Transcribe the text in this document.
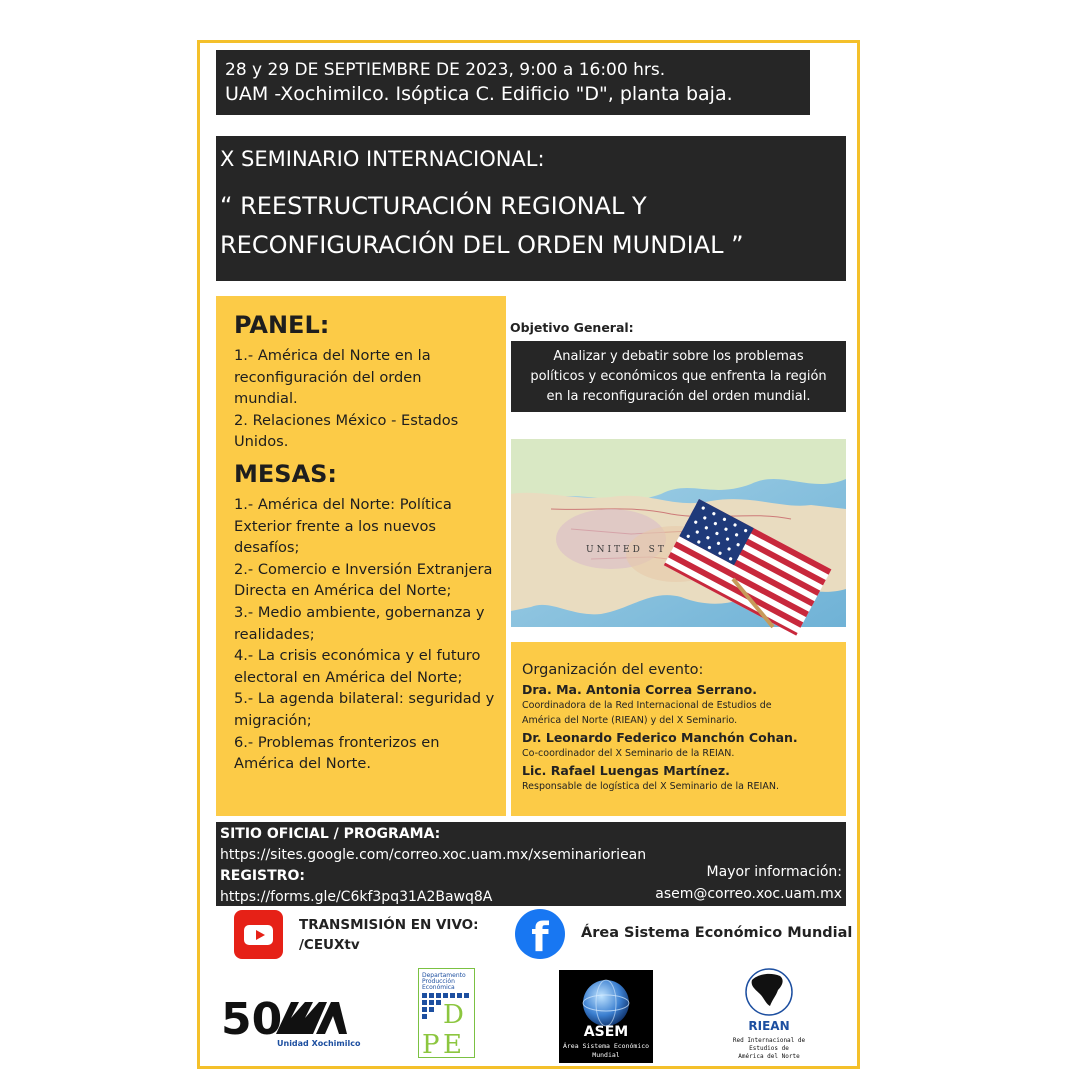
28 y 29 DE SEPTIEMBRE DE 2023, 9:00 a 16:00 hrs.
UAM -Xochimilco. Isóptica C. Edificio "D", planta baja.
X SEMINARIO INTERNACIONAL:
“ REESTRUCTURACIÓN REGIONAL Y
RECONFIGURACIÓN DEL ORDEN MUNDIAL ”
PANEL:
1.- América del Norte en la
reconfiguración del orden
mundial.
2. Relaciones México - Estados
Unidos.
MESAS:
1.- América del Norte: Política
Exterior frente a los nuevos
desafíos;
2.- Comercio e Inversión Extranjera
Directa en América del Norte;
3.- Medio ambiente, gobernanza y
realidades;
4.- La crisis económica y el futuro
electoral en América del Norte;
5.- La agenda bilateral: seguridad y
migración;
6.- Problemas fronterizos en
América del Norte.
Objetivo General:
Analizar y debatir sobre los problemas
políticos y económicos que enfrenta la región
en la reconfiguración del orden mundial.
UNITED ST
Organización del evento:
Dra. Ma. Antonia Correa Serrano.
Coordinadora de la Red Internacional de Estudios de
América del Norte (RIEAN) y del X Seminario.
Dr. Leonardo Federico Manchón Cohan.
Co-coordinador del X Seminario de la REIAN.
Lic. Rafael Luengas Martínez.
Responsable de logística del X Seminario de la REIAN.
SITIO OFICIAL / PROGRAMA:
https://sites.google.com/correo.xoc.uam.mx/xseminarioriean
REGISTRO:
https://forms.gle/C6kf3pq31A2Bawq8A
Mayor información:
asem@correo.xoc.uam.mx
TRANSMISIÓN EN VIVO:
/CEUXtv	f	Área Sistema Económico Mundial
50
Unidad Xochimilco
Departamento
Producción
Económica
D
P E	ASEM
Área Sistema Económico
Mundial
RIEAN
Red Internacional de
Estudios de
América del Norte
